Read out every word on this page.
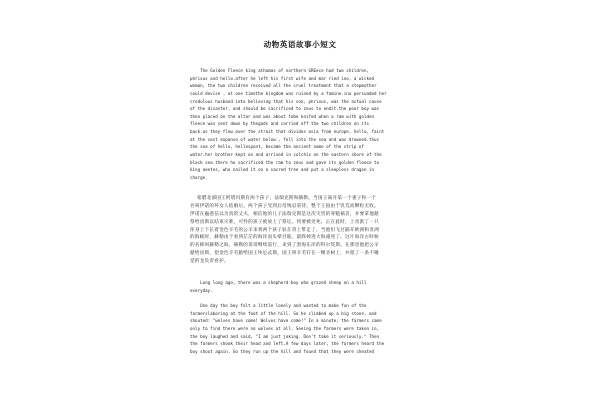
动物英语故事小短文
The Golden Fleece king athamas of northern GREece had two children,
phrixus and hello.after he left his first wife and mar ried ino, a wicked
woman, the two children received all the cruel treatment that a stepmother
could devise . at one timethe kingdom was ruined by a famine.ino persuaded her
credulous husband into believing that his son, phrixus, was the actual cause
of the disaster, and should be sacrificed to zeus to endit.the poor boy was
then placed on the altar and was about tobe knifed when a ram with golden
fleece was sent down by thegods and carried off the two children on its
back.as they flew over the strait that divides asia from europe, hello, faint
at the vast expanse of water below , fell into the sea and was drowned.thus
the sea of hello, hellespont, became the ancient name of the strip of
water.her brother kept on and arrived in colchis on the eastern shore of the
black sea.there he sacrificed the ram to zeus and gave its golden fleece to
king aeetes, who nailed it on a sacred tree and put a sleepless dragon in
charge.
希腊北部国王阿塔玛斯有两个孩子，法瑞克斯和赫勒。当国王离开第一个妻子和一个
名叫伊诺的坏女人结婚后，两个孩子受到后母残忍虐待。整个王国由于饥荒而颗粒无收。
伊诺在蛊惑信以为真的丈夫，相信他的儿子法瑞克斯是这次灾害的罪魁祸首，并要拿他献
祭给宙斯以结束灾难。可怜的孩子被放上了祭坛，将要被处死。正在此时，上帝派了一只
浑身上下长着金色羊毛的公羊来将两个孩子驮在背上带走了。当他们飞过隔开欧洲和亚洲
的海峡时，赫勒由于看到茫茫的海洋而头晕目眩，最终掉进大海淹死了。这片海洋古时候
的名称叫赫勒之海，赫勒的哥哥继续前行，来到了黑海东岸的科尔契斯。在那里他把公羊
献给宙斯，把金色羊毛献给国王埃厄忒斯，国王将羊毛钉在一棵圣树上，并派了一条不睡
觉的龙负责看护。
Long long ago, there was a shepherd boy who grazed sheep on a hill
everyday.
One day the boy felt a little lonely and wanted to make fun of the
farmerslaboring at the foot of the hill. So he climbed up a big stone, and
shouted: "wolves have come! Wolves have come!" In a minute, the farmers came
only to find there were no wolves at all. Seeing the farmers were taken in,
the boy laughed and said, "I am just joking. Don't take it seriously." Then
the farmers shook their head and left.A few days later, the farmers heard the
boy shout again. So they run up the hill and found that they were cheated
